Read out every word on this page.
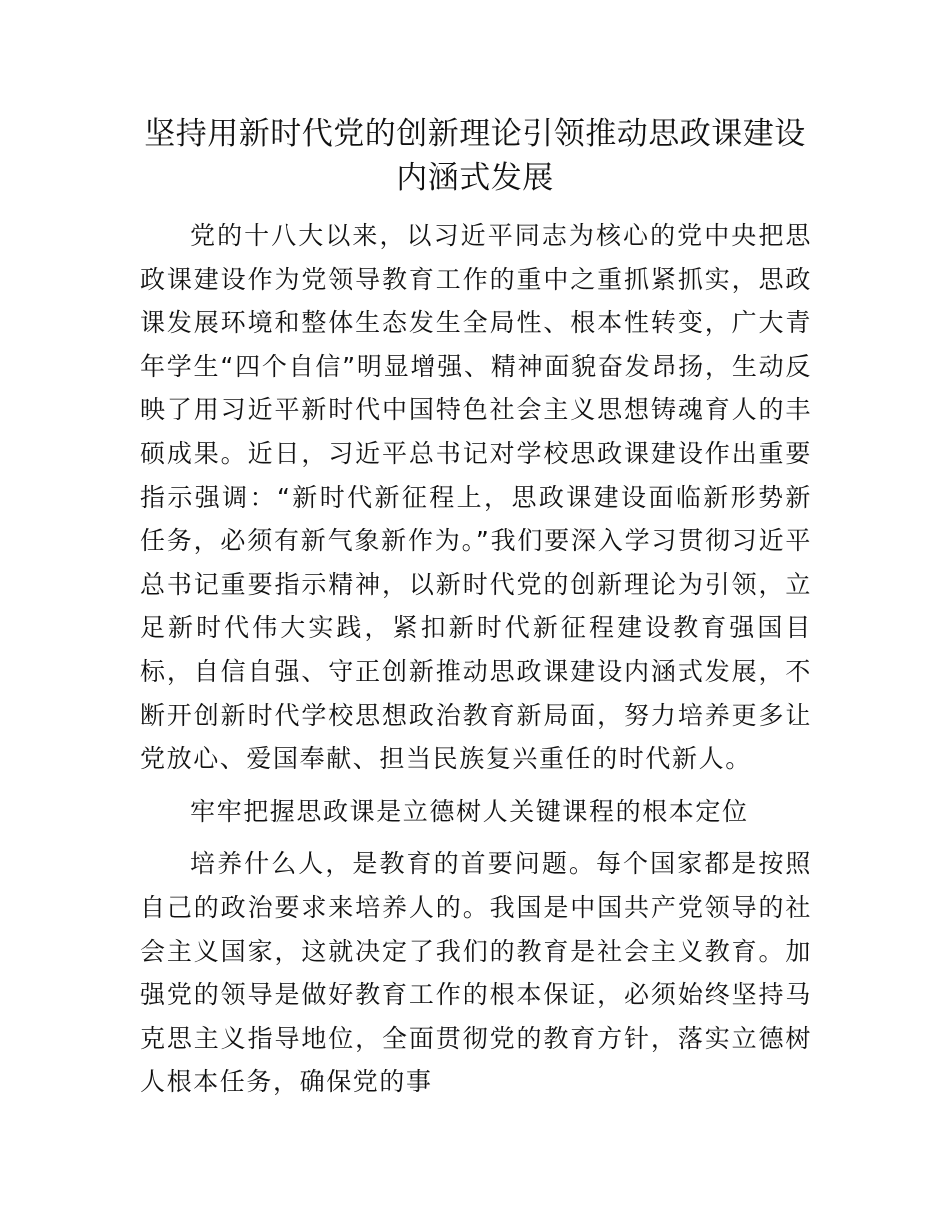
坚持用新时代党的创新理论引领推动思政课建设内涵式发展

党的十八大以来，以习近平同志为核心的党中央把思政课建设作为党领导教育工作的重中之重抓紧抓实，思政课发展环境和整体生态发生全局性、根本性转变，广大青年学生“四个自信”明显增强、精神面貌奋发昂扬，生动反映了用习近平新时代中国特色社会主义思想铸魂育人的丰硕成果。近日，习近平总书记对学校思政课建设作出重要指示强调：“新时代新征程上，思政课建设面临新形势新任务，必须有新气象新作为。”我们要深入学习贯彻习近平总书记重要指示精神，以新时代党的创新理论为引领，立足新时代伟大实践，紧扣新时代新征程建设教育强国目标，自信自强、守正创新推动思政课建设内涵式发展，不断开创新时代学校思想政治教育新局面，努力培养更多让党放心、爱国奉献、担当民族复兴重任的时代新人。

牢牢把握思政课是立德树人关键课程的根本定位

培养什么人，是教育的首要问题。每个国家都是按照自己的政治要求来培养人的。我国是中国共产党领导的社会主义国家，这就决定了我们的教育是社会主义教育。加强党的领导是做好教育工作的根本保证，必须始终坚持马克思主义指导地位，全面贯彻党的教育方针，落实立德树人根本任务，确保党的事
